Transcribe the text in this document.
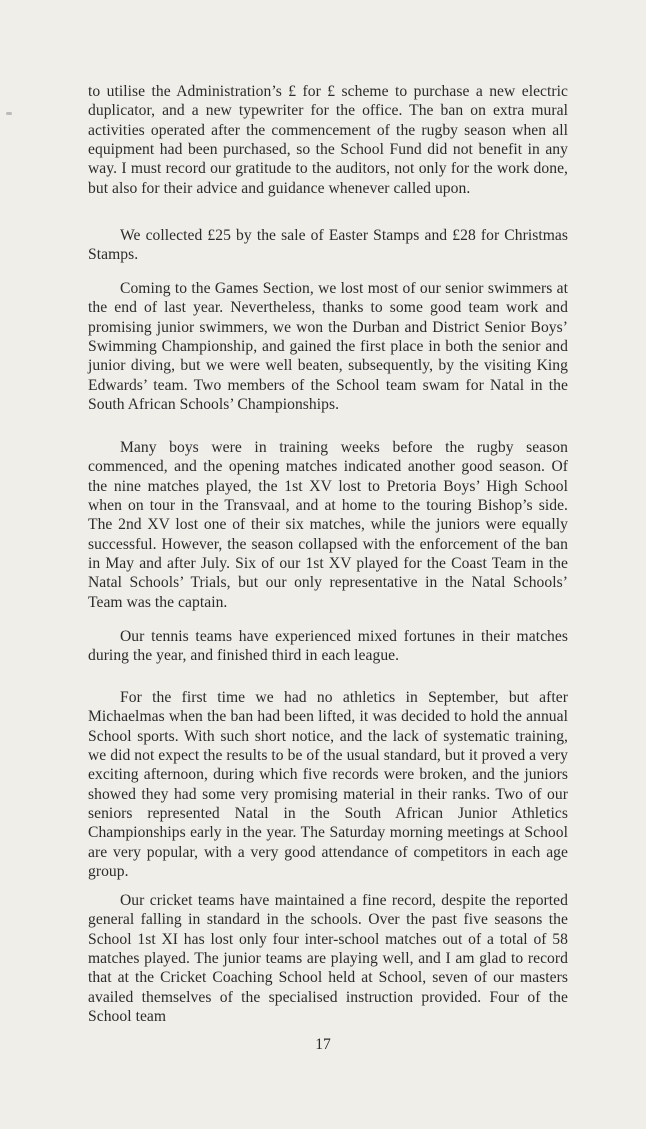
to utilise the Administration’s £ for £ scheme to purchase a new electric duplicator, and a new typewriter for the office. The ban on extra mural activities operated after the commencement of the rugby season when all equipment had been purchased, so the School Fund did not benefit in any way. I must record our gratitude to the auditors, not only for the work done, but also for their advice and guidance whenever called upon.

We collected £25 by the sale of Easter Stamps and £28 for Christmas Stamps.

Coming to the Games Section, we lost most of our senior swimmers at the end of last year. Nevertheless, thanks to some good team work and promising junior swimmers, we won the Durban and District Senior Boys’ Swimming Championship, and gained the first place in both the senior and junior diving, but we were well beaten, subsequently, by the visiting King Edwards’ team. Two members of the School team swam for Natal in the South African Schools’ Championships.

Many boys were in training weeks before the rugby season commenced, and the opening matches indicated another good season. Of the nine matches played, the 1st XV lost to Pretoria Boys’ High School when on tour in the Transvaal, and at home to the touring Bishop’s side. The 2nd XV lost one of their six matches, while the juniors were equally successful. However, the season collapsed with the enforcement of the ban in May and after July. Six of our 1st XV played for the Coast Team in the Natal Schools’ Trials, but our only representative in the Natal Schools’ Team was the captain.

Our tennis teams have experienced mixed fortunes in their matches during the year, and finished third in each league.

For the first time we had no athletics in September, but after Michaelmas when the ban had been lifted, it was decided to hold the annual School sports. With such short notice, and the lack of systematic training, we did not expect the results to be of the usual standard, but it proved a very exciting afternoon, during which five records were broken, and the juniors showed they had some very promising material in their ranks. Two of our seniors represented Natal in the South African Junior Athletics Championships early in the year. The Saturday morning meetings at School are very popular, with a very good attendance of competitors in each age group.

Our cricket teams have maintained a fine record, despite the reported general falling in standard in the schools. Over the past five seasons the School 1st XI has lost only four inter-school matches out of a total of 58 matches played. The junior teams are playing well, and I am glad to record that at the Cricket Coaching School held at School, seven of our masters availed themselves of the specialised instruction provided. Four of the School team

17
